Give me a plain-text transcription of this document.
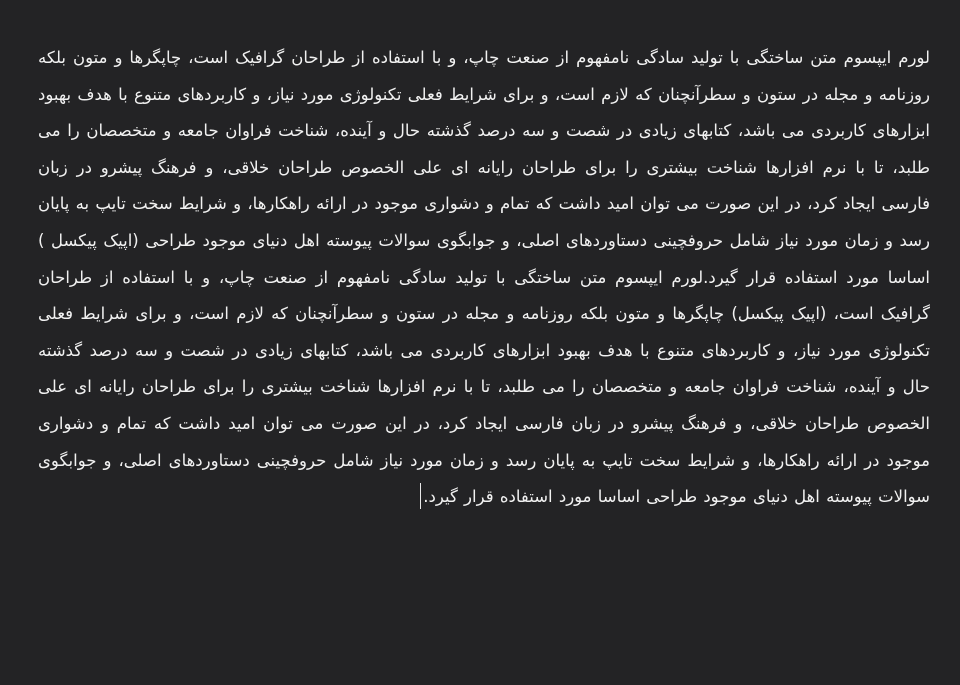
لورم ایپسوم متن ساختگی با تولید سادگی نامفهوم از صنعت چاپ، و با استفاده از طراحان گرافیک است، چاپگرها و متون بلکه روزنامه و مجله در ستون و سطرآنچنان که لازم است، و برای شرایط فعلی تکنولوژی مورد نیاز، و کاربردهای متنوع با هدف بهبود ابزارهای کاربردی می باشد، کتابهای زیادی در شصت و سه درصد گذشته حال و آینده، شناخت فراوان جامعه و متخصصان را می طلبد، تا با نرم افزارها شناخت بیشتری را برای طراحان رایانه ای علی الخصوص طراحان خلاقی، و فرهنگ پیشرو در زبان فارسی ایجاد کرد، در این صورت می توان امید داشت که تمام و دشواری موجود در ارائه راهکارها، و شرایط سخت تایپ به پایان رسد و زمان مورد نیاز شامل حروفچینی دستاوردهای اصلی، و جوابگوی سوالات پیوسته اهل دنیای موجود طراحی (اپیک پیکسل ) اساسا مورد استفاده قرار گیرد.لورم ایپسوم متن ساختگی با تولید سادگی نامفهوم از صنعت چاپ، و با استفاده از طراحان گرافیک است، (اپیک پیکسل) چاپگرها و متون بلکه روزنامه و مجله در ستون و سطرآنچنان که لازم است، و برای شرایط فعلی تکنولوژی مورد نیاز، و کاربردهای متنوع با هدف بهبود ابزارهای کاربردی می باشد، کتابهای زیادی در شصت و سه درصد گذشته حال و آینده، شناخت فراوان جامعه و متخصصان را می طلبد، تا با نرم افزارها شناخت بیشتری را برای طراحان رایانه ای علی الخصوص طراحان خلاقی، و فرهنگ پیشرو در زبان فارسی ایجاد کرد، در این صورت می توان امید داشت که تمام و دشواری موجود در ارائه راهکارها، و شرایط سخت تایپ به پایان رسد و زمان مورد نیاز شامل حروفچینی دستاوردهای اصلی، و جوابگوی سوالات پیوسته اهل دنیای موجود طراحی اساسا مورد استفاده قرار گیرد.
